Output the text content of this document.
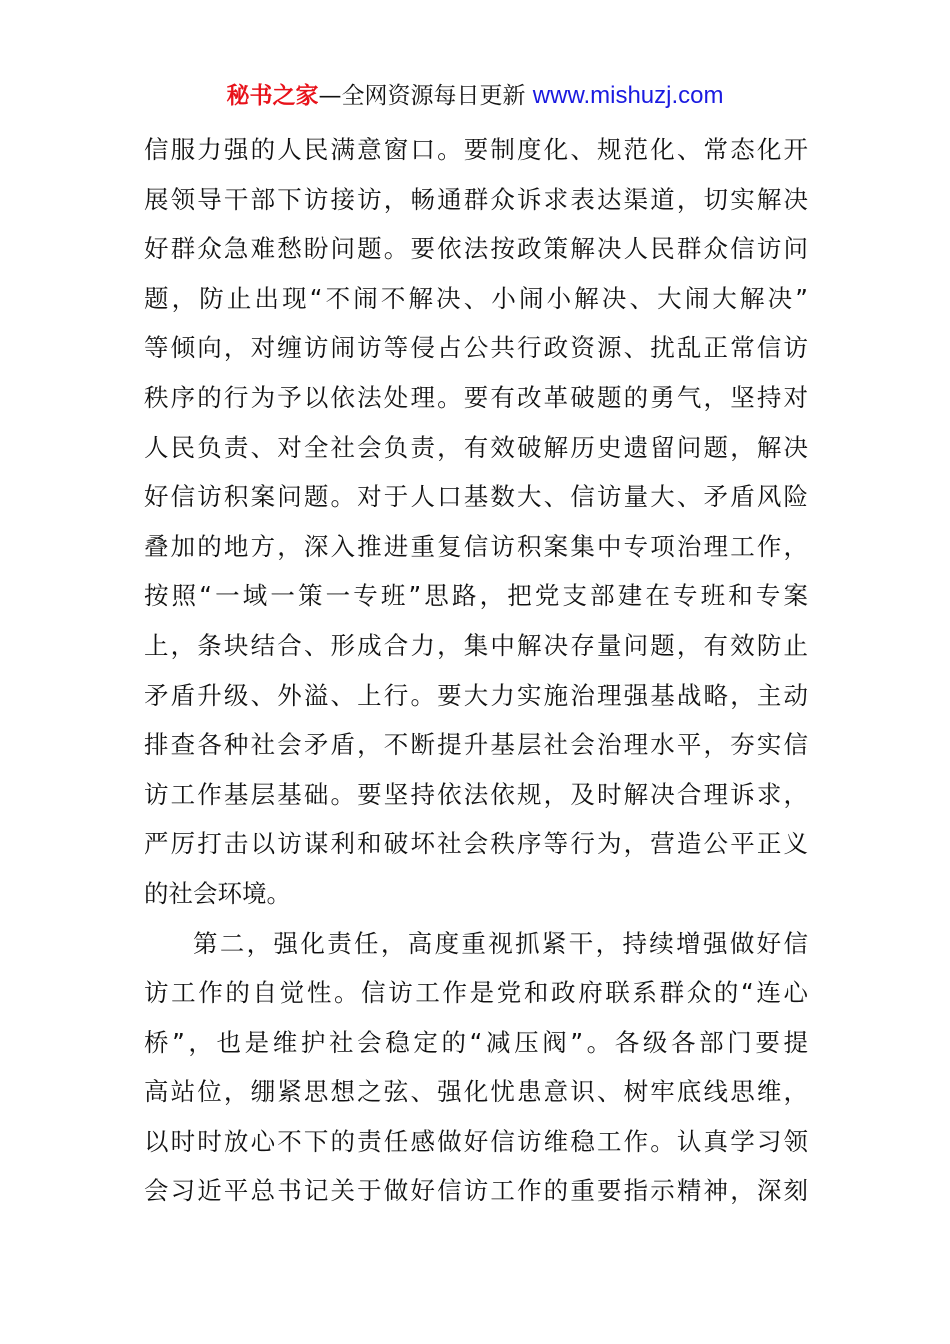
秘书之家—全网资源每日更新 www.mishuzj.com
信服力强的人民满意窗口。要制度化、规范化、常态化开
展领导干部下访接访，畅通群众诉求表达渠道，切实解决
好群众急难愁盼问题。要依法按政策解决人民群众信访问
题，防止出现“不闹不解决、小闹小解决、大闹大解决”
等倾向，对缠访闹访等侵占公共行政资源、扰乱正常信访
秩序的行为予以依法处理。要有改革破题的勇气，坚持对
人民负责、对全社会负责，有效破解历史遗留问题，解决
好信访积案问题。对于人口基数大、信访量大、矛盾风险
叠加的地方，深入推进重复信访积案集中专项治理工作，
按照“一域一策一专班”思路，把党支部建在专班和专案
上，条块结合、形成合力，集中解决存量问题，有效防止
矛盾升级、外溢、上行。要大力实施治理强基战略，主动
排查各种社会矛盾，不断提升基层社会治理水平，夯实信
访工作基层基础。要坚持依法依规，及时解决合理诉求，
严厉打击以访谋利和破坏社会秩序等行为，营造公平正义
的社会环境。
第二，强化责任，高度重视抓紧干，持续增强做好信
访工作的自觉性。信访工作是党和政府联系群众的“连心
桥”，也是维护社会稳定的“减压阀”。各级各部门要提
高站位，绷紧思想之弦、强化忧患意识、树牢底线思维，
以时时放心不下的责任感做好信访维稳工作。认真学习领
会习近平总书记关于做好信访工作的重要指示精神，深刻
